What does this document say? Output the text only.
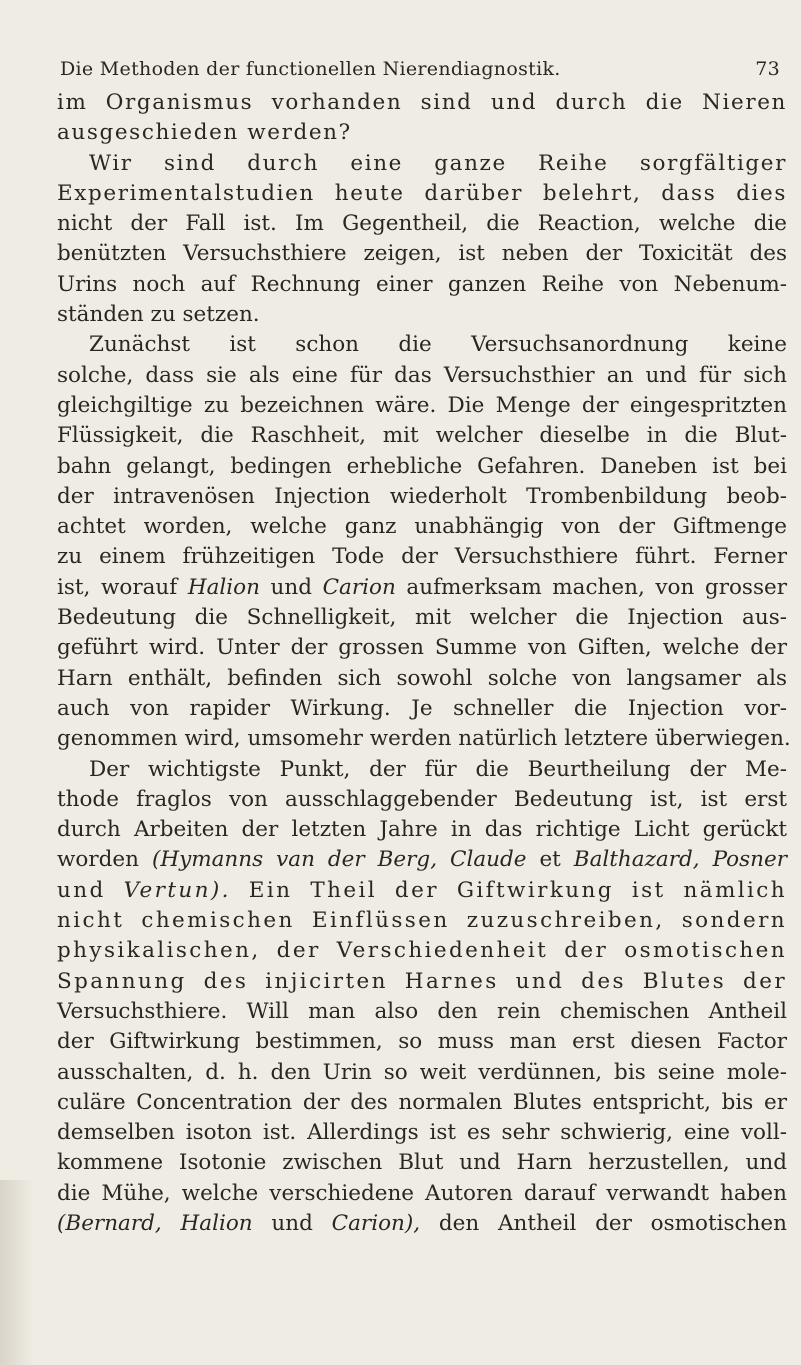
Die Methoden der functionellen Nierendiagnostik.	73
im Organismus vorhanden sind und durch die Nieren
ausgeschieden werden?
Wir sind durch eine ganze Reihe sorgfältiger
Experimentalstudien heute darüber belehrt, dass dies
nicht der Fall ist. Im Gegentheil, die Reaction, welche die
benützten Versuchsthiere zeigen, ist neben der Toxicität des
Urins noch auf Rechnung einer ganzen Reihe von Nebenum-
ständen zu setzen.
Zunächst ist schon die Versuchsanordnung keine
solche, dass sie als eine für das Versuchsthier an und für sich
gleichgiltige zu bezeichnen wäre. Die Menge der eingespritzten
Flüssigkeit, die Raschheit, mit welcher dieselbe in die Blut-
bahn gelangt, bedingen erhebliche Gefahren. Daneben ist bei
der intravenösen Injection wiederholt Trombenbildung beob-
achtet worden, welche ganz unabhängig von der Giftmenge
zu einem frühzeitigen Tode der Versuchsthiere führt. Ferner
ist, worauf Halion und Carion aufmerksam machen, von grosser
Bedeutung die Schnelligkeit, mit welcher die Injection aus-
geführt wird. Unter der grossen Summe von Giften, welche der
Harn enthält, befinden sich sowohl solche von langsamer als
auch von rapider Wirkung. Je schneller die Injection vor-
genommen wird, umsomehr werden natürlich letztere überwiegen.
Der wichtigste Punkt, der für die Beurtheilung der Me-
thode fraglos von ausschlaggebender Bedeutung ist, ist erst
durch Arbeiten der letzten Jahre in das richtige Licht gerückt
worden (Hymanns van der Berg, Claude et Balthazard, Posner
und Vertun). Ein Theil der Giftwirkung ist nämlich
nicht chemischen Einflüssen zuzuschreiben, sondern
physikalischen, der Verschiedenheit der osmotischen
Spannung des injicirten Harnes und des Blutes der
Versuchsthiere. Will man also den rein chemischen Antheil
der Giftwirkung bestimmen, so muss man erst diesen Factor
ausschalten, d. h. den Urin so weit verdünnen, bis seine mole-
culäre Concentration der des normalen Blutes entspricht, bis er
demselben isoton ist. Allerdings ist es sehr schwierig, eine voll-
kommene Isotonie zwischen Blut und Harn herzustellen, und
die Mühe, welche verschiedene Autoren darauf verwandt haben
(Bernard, Halion und Carion), den Antheil der osmotischen
